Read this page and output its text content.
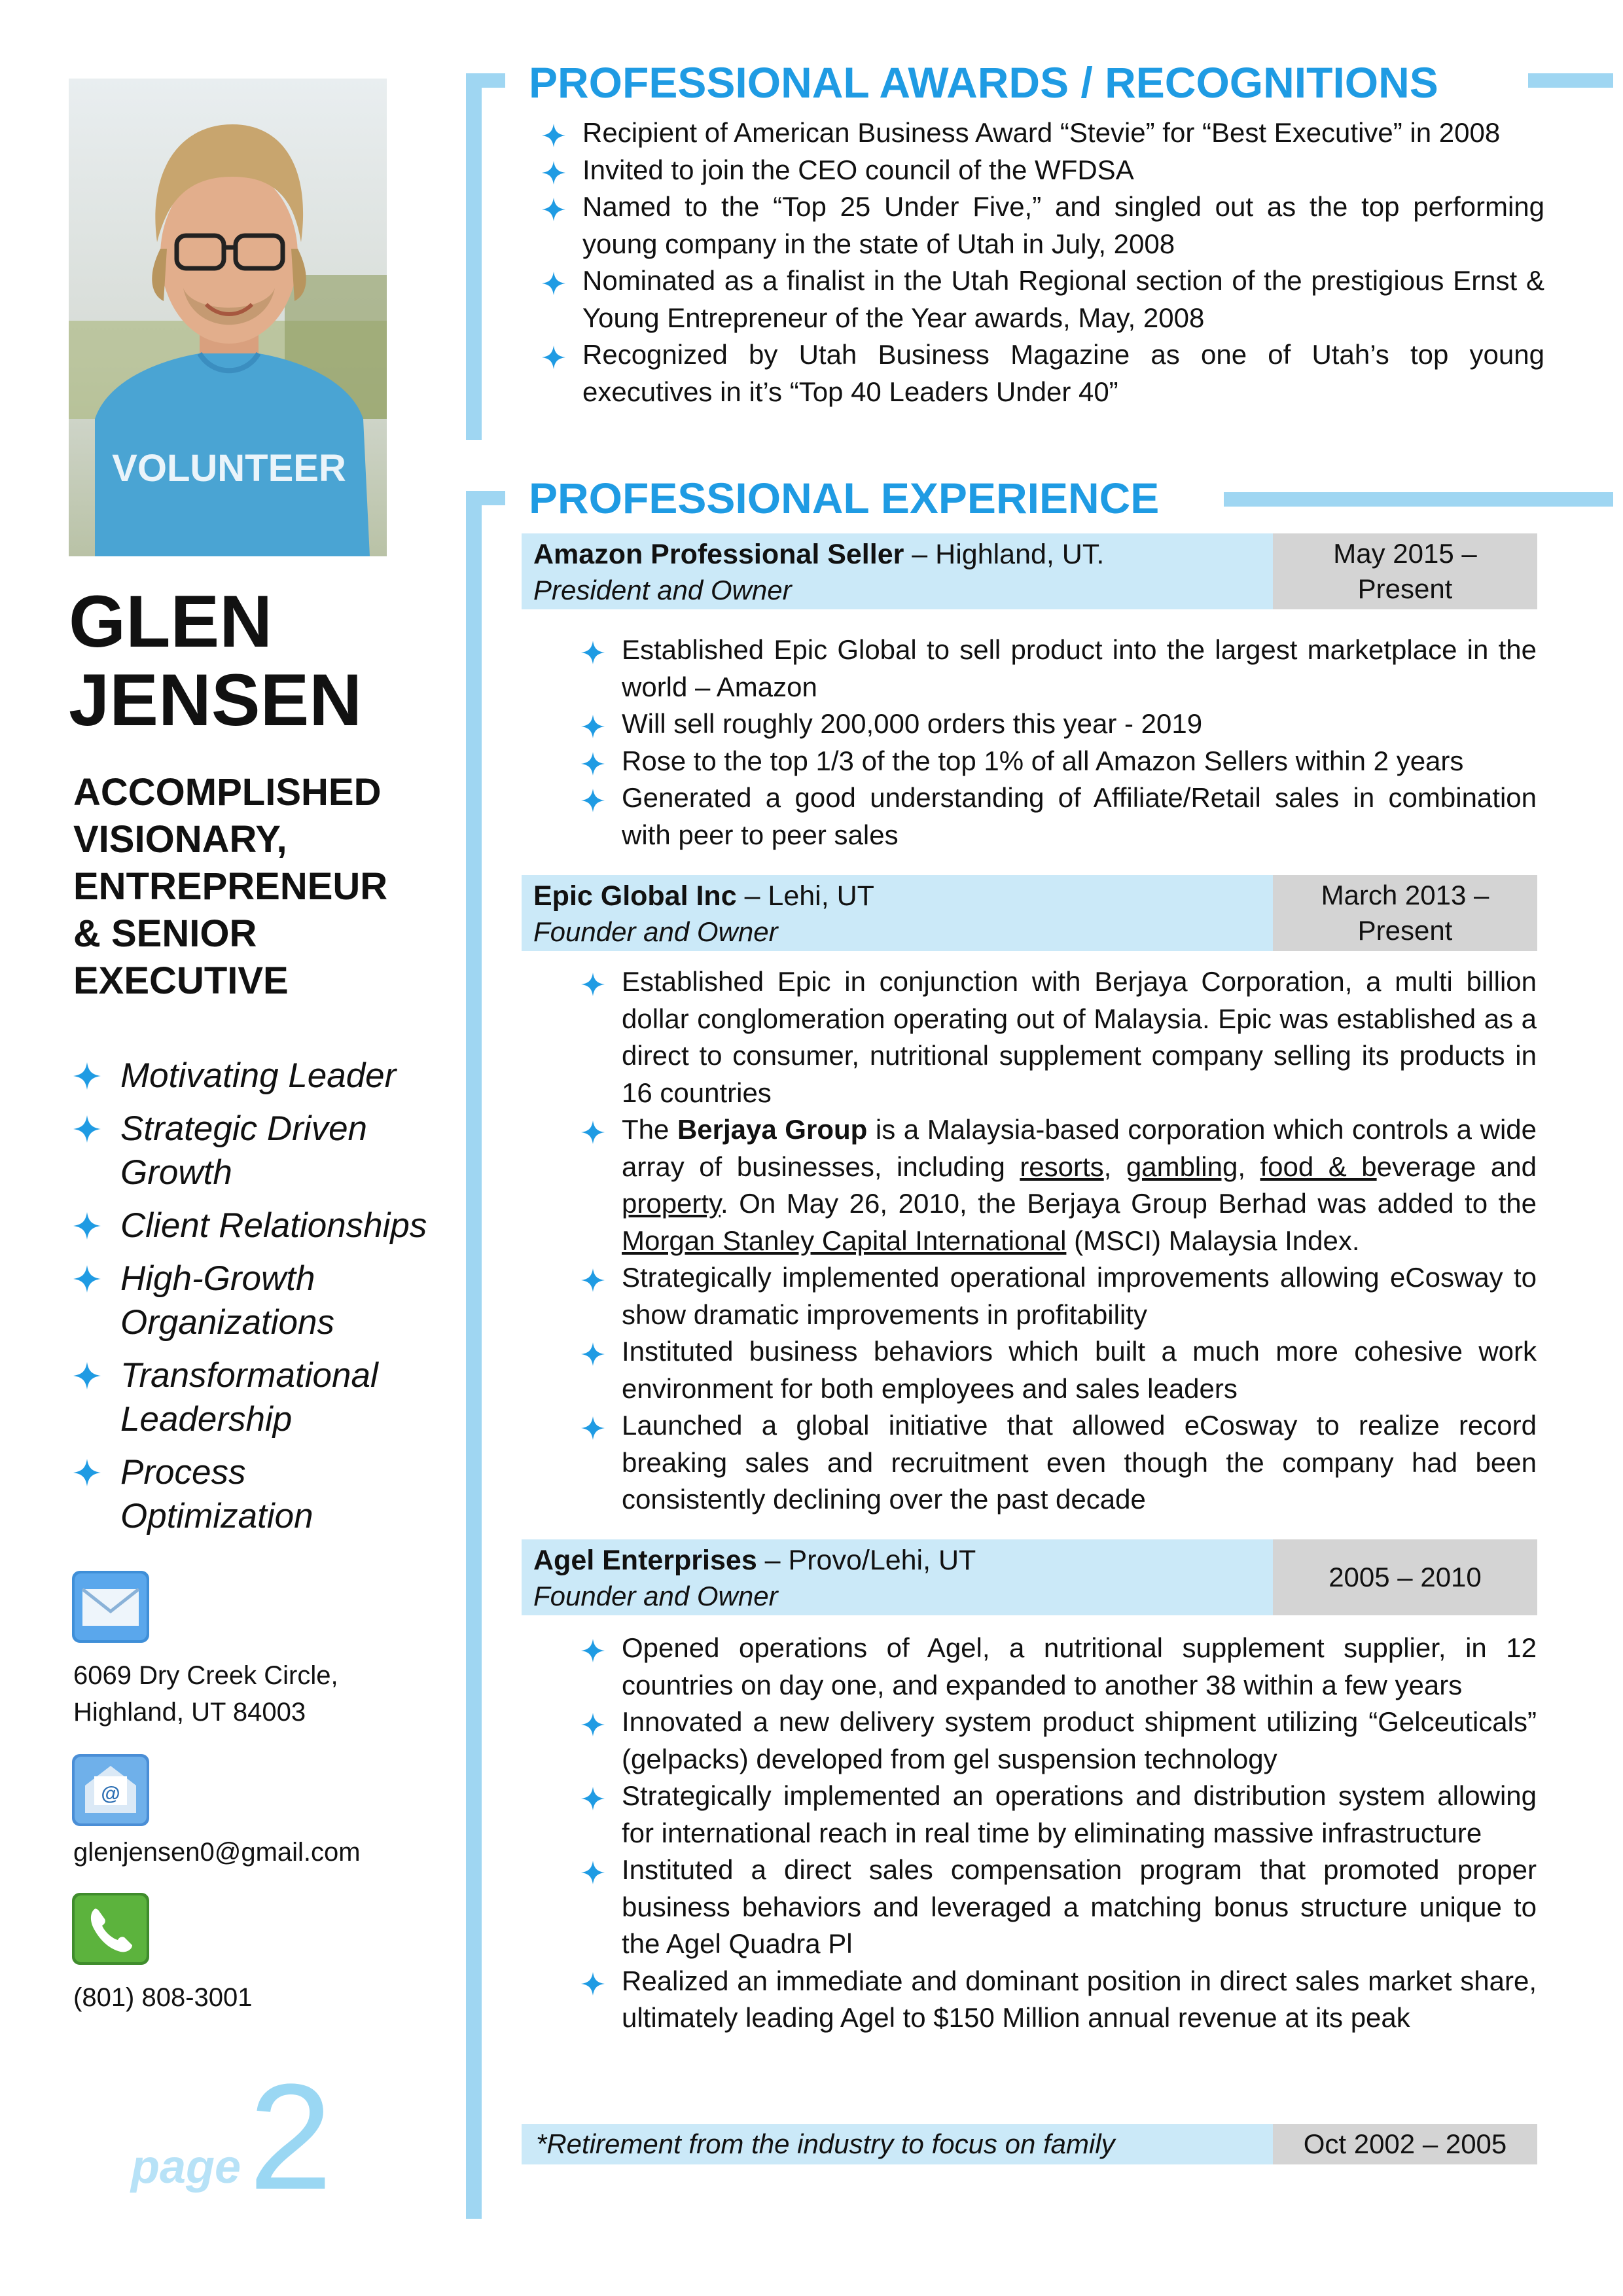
VOLUNTEER
GLEN
JENSEN
ACCOMPLISHED
VISIONARY,
ENTREPRENEUR
& SENIOR
EXECUTIVE
Motivating Leader
Strategic Driven
Growth
Client Relationships
High-Growth
Organizations
Transformational
Leadership
Process
Optimization
6069 Dry Creek Circle,
Highland, UT 84003
@
glenjensen0@gmail.com
(801) 808-3001
page 2
PROFESSIONAL AWARDS / RECOGNITIONS
Recipient of American Business Award “Stevie” for “Best Executive” in 2008
Invited to join the CEO council of the WFDSA
Named to the “Top 25 Under Five,” and singled out as the top performing young company in the state of Utah in July, 2008
Nominated as a finalist in the Utah Regional section of the prestigious Ernst & Young Entrepreneur of the Year awards, May, 2008
Recognized by Utah Business Magazine as one of Utah’s top young executives in it’s “Top 40 Leaders Under 40”
PROFESSIONAL EXPERIENCE
Amazon Professional Seller – Highland, UT.
President and Owner
May 2015 –
Present
Established Epic Global to sell product into the largest marketplace in the world – Amazon
Will sell roughly 200,000 orders this year - 2019
Rose to the top 1/3 of the top 1% of all Amazon Sellers within 2 years
Generated a good understanding of Affiliate/Retail sales in combination with peer to peer sales
Epic Global Inc – Lehi, UT
Founder and Owner
March 2013 –
Present
Established Epic in conjunction with Berjaya Corporation, a multi billion dollar conglomeration operating out of Malaysia. Epic was established as a direct to consumer, nutritional supplement company selling its products in 16 countries
The Berjaya Group is a Malaysia-based corporation which controls a wide array of businesses, including resorts, gambling, food & beverage and property. On May 26, 2010, the Berjaya Group Berhad was added to the Morgan Stanley Capital International (MSCI) Malaysia Index.
Strategically implemented operational improvements allowing eCosway to show dramatic improvements in profitability
Instituted business behaviors which built a much more cohesive work environment for both employees and sales leaders
Launched a global initiative that allowed eCosway to realize record breaking sales and recruitment even though the company had been consistently declining over the past decade
Agel Enterprises – Provo/Lehi, UT
Founder and Owner
2005 – 2010
Opened operations of Agel, a nutritional supplement supplier, in 12 countries on day one, and expanded to another 38 within a few years
Innovated a new delivery system product shipment utilizing “Gelceuticals” (gelpacks) developed from gel suspension technology
Strategically implemented an operations and distribution system allowing for international reach in real time by eliminating massive infrastructure
Instituted a direct sales compensation program that promoted proper business behaviors and leveraged a matching bonus structure unique to the Agel Quadra Pl
Realized an immediate and dominant position in direct sales market share, ultimately leading Agel to $150 Million annual revenue at its peak
*Retirement from the industry to focus on family	Oct 2002 – 2005
